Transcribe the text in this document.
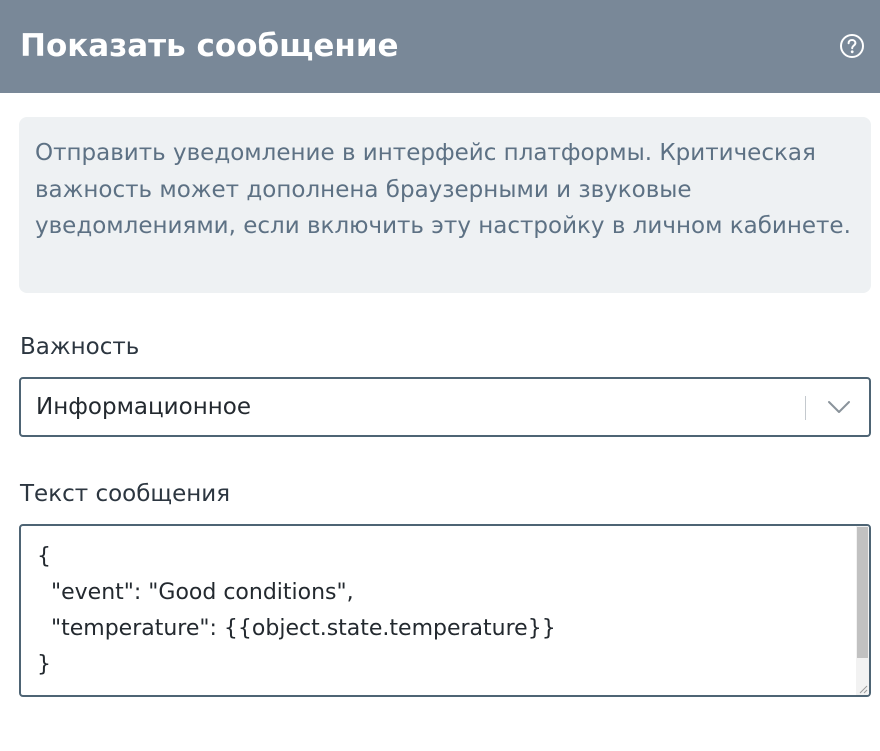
Показать сообщение

Отправить уведомление в интерфейс платформы. Критическая важность может дополнена браузерными и звуковые уведомлениями, если включить эту настройку в личном кабинете.

Важность
Информационное
Текст сообщения
{
"event": "Good conditions",
"temperature": {{object.state.temperature}}
}
